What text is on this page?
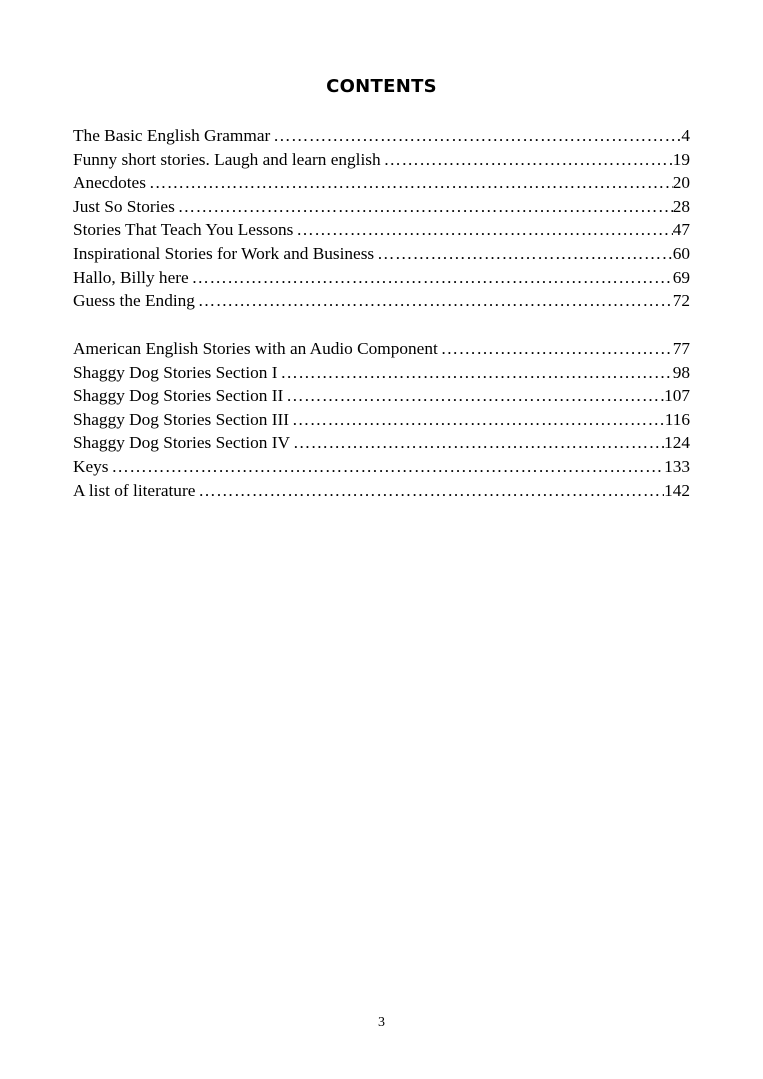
CONTENTS
The Basic English Grammar …………………………………………………………………………………………………………………………………………………………………………………………	4
Funny short stories. Laugh and learn english …………………………………………………………………………………………………………………………………………………………………………………………	19
Anecdotes …………………………………………………………………………………………………………………………………………………………………………………………	20
Just So Stories …………………………………………………………………………………………………………………………………………………………………………………………	28
Stories That Teach You Lessons …………………………………………………………………………………………………………………………………………………………………………………………	47
Inspirational Stories for Work and Business …………………………………………………………………………………………………………………………………………………………………………………………	60
Hallo, Billy here …………………………………………………………………………………………………………………………………………………………………………………………	69
Guess the Ending …………………………………………………………………………………………………………………………………………………………………………………………	72
American English Stories with an Audio Component …………………………………………………………………………………………………………………………………………………………………………………………	77
Shaggy Dog Stories Section I …………………………………………………………………………………………………………………………………………………………………………………………	98
Shaggy Dog Stories Section II …………………………………………………………………………………………………………………………………………………………………………………………	107
Shaggy Dog Stories Section III …………………………………………………………………………………………………………………………………………………………………………………………	116
Shaggy Dog Stories Section IV …………………………………………………………………………………………………………………………………………………………………………………………	124
Keys …………………………………………………………………………………………………………………………………………………………………………………………	133
A list of literature …………………………………………………………………………………………………………………………………………………………………………………………	142
3
